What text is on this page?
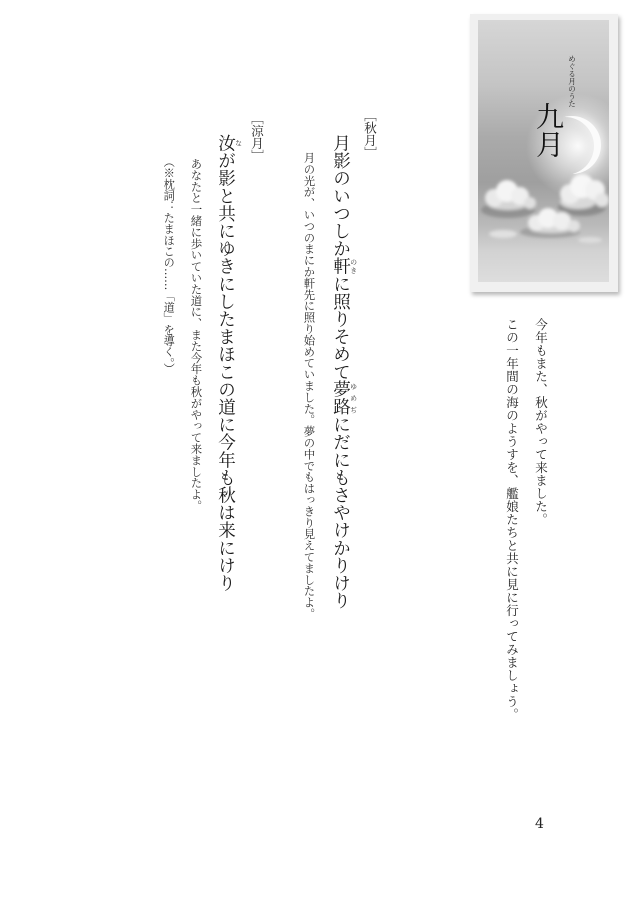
めぐる月のうた
九月

今年もまた、秋がやって来ました。

この一年間の海のようすを、艦娘たちと共に見に行ってみましょう。

［秋月］

月影のいつしか軒 のきに照りそめて夢路 ゆめぢにだにもさやけかりけり

月の光が、いつのまにか軒先に照り始めていました。夢の中でもはっきり見えてましたよ。

［涼月］

汝 なが影と共にゆきにしたまほこの道に今年も秋は来にけり

あなたと一緒に歩いていた道に、また今年も秋がやって来ましたよ。

（※枕詞：たまほこの……「道」を導く。）

4
